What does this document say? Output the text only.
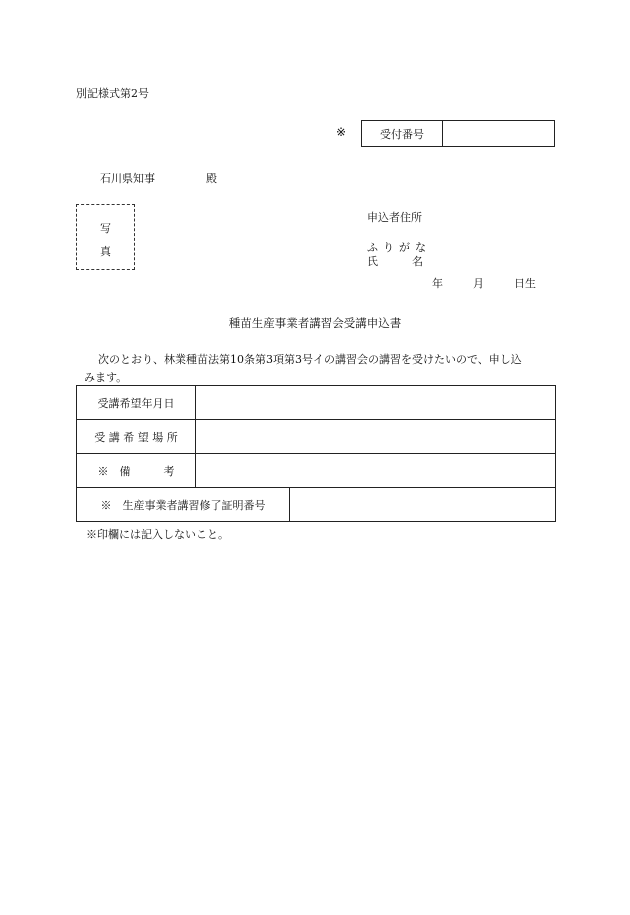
別記様式第2号
※	受付番号
石川県知事	殿
写
真
申込者住所
ふりがな
氏	名
年	月	日生
種苗生産事業者講習会受講申込書
次のとおり、林業種苗法第10条第3項第3号イの講習会の講習を受けたいので、申し込
みます。
受講希望年月日	
受 講 希 望 場 所	
※　備　　　考	

※　生産事業者講習修了証明番号	
※印欄には記入しないこと。
